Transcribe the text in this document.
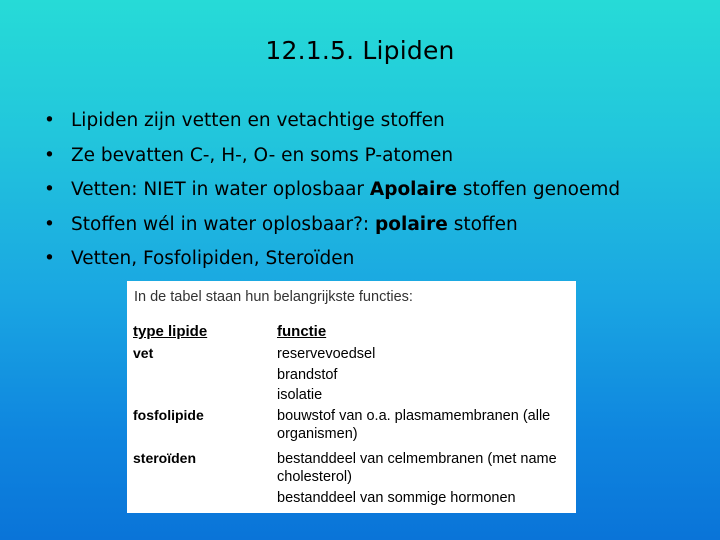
12.1.5. Lipiden
• Lipiden zijn vetten en vetachtige stoffen
• Ze bevatten C-, H-, O- en soms P-atomen
• Vetten: NIET in water oplosbaar Apolaire stoffen genoemd
• Stoffen wél in water oplosbaar?: polaire stoffen
• Vetten, Fosfolipiden, Steroïden
In de tabel staan hun belangrijkste functies:
type lipide	functie
vet	reservevoedsel
brandstof
isolatie
fosfolipide	bouwstof van o.a. plasmamembranen (alle organismen)
steroïden	bestanddeel van celmembranen (met name cholesterol)
bestanddeel van sommige hormonen
